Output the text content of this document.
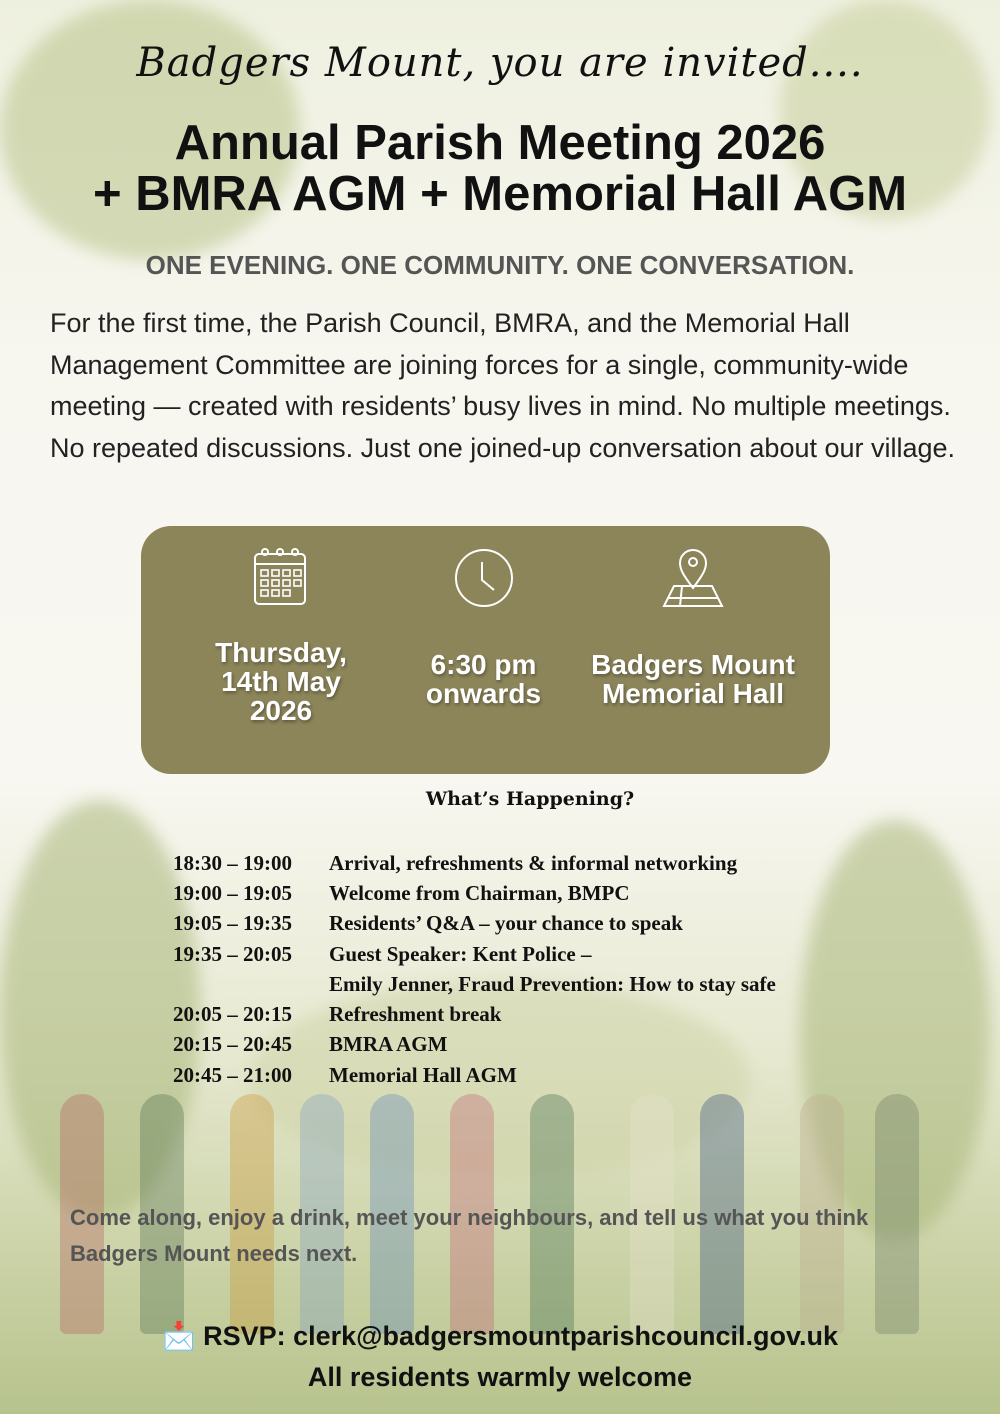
Badgers Mount, you are invited....
Annual Parish Meeting 2026
+ BMRA AGM + Memorial Hall AGM
ONE EVENING. ONE COMMUNITY. ONE CONVERSATION.
For the first time, the Parish Council, BMRA, and the Memorial Hall Management Committee are joining forces for a single, community-wide meeting — created with residents’ busy lives in mind. No multiple meetings. No repeated discussions. Just one joined-up conversation about our village.
Thursday, 14th May 2026
6:30 pm onwards
Badgers Mount Memorial Hall
What’s Happening?
18:30 – 19:00	Arrival, refreshments & informal networking
19:00 – 19:05	Welcome from Chairman, BMPC
19:05 – 19:35	Residents’ Q&A – your chance to speak
19:35 – 20:05	Guest Speaker: Kent Police –
Emily Jenner, Fraud Prevention: How to stay safe
20:05 – 20:15	Refreshment break
20:15 – 20:45	BMRA AGM
20:45 – 21:00	Memorial Hall AGM
Come along, enjoy a drink, meet your neighbours, and tell us what you think Badgers Mount needs next.
📩 RSVP: clerk@badgersmountparishcouncil.gov.uk
All residents warmly welcome
